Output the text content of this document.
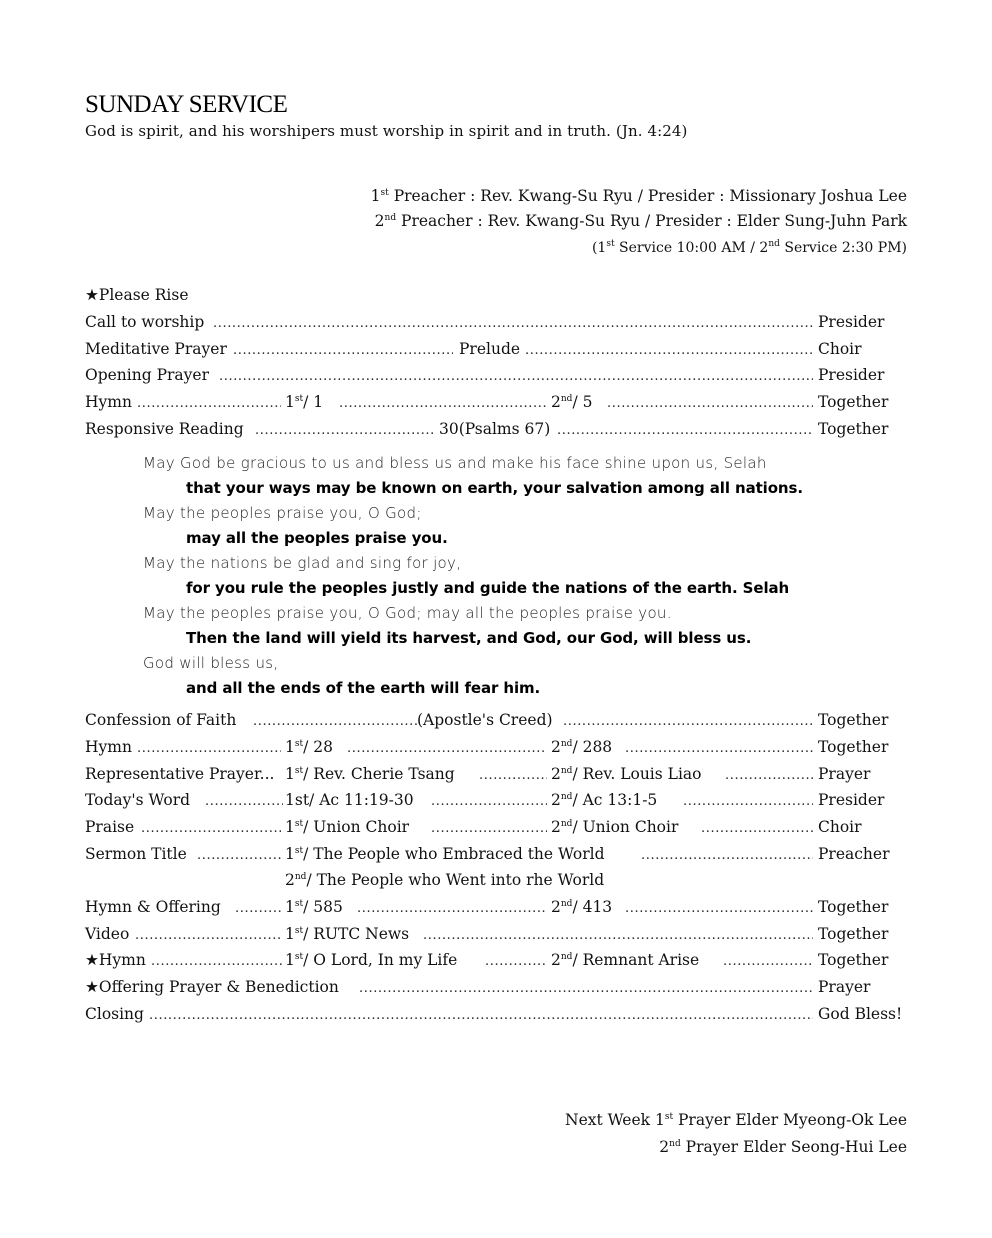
SUNDAY SERVICE
God is spirit, and his worshipers must worship in spirit and in truth. (Jn. 4:24)
1st Preacher : Rev. Kwang-Su Ryu / Presider : Missionary Joshua Lee
2nd Preacher : Rev. Kwang-Su Ryu / Presider : Elder Sung-Juhn Park
(1st Service 10:00 AM / 2nd Service 2:30 PM)
★Please Rise
.....
Call to worship	Presider
.....
.....
Meditative Prayer	Prelude	Choir
.....
Opening Prayer	Presider
.....
.....
.....
Hymn	1st/ 1	2nd/ 5	Together
.....
.....
Responsive Reading	30(Psalms 67)	Together
May God be gracious to us and bless us and make his face shine upon us, Selah
that your ways may be known on earth, your salvation among all nations.
May the peoples praise you, O God;
may all the peoples praise you.
May the nations be glad and sing for joy,
for you rule the peoples justly and guide the nations of the earth. Selah
May the peoples praise you, O God; may all the peoples praise you.
Then the land will yield its harvest, and God, our God, will bless us.
God will bless us,
and all the ends of the earth will fear him.
.....
.....
Confession of Faith	(Apostle's Creed)	Together
.....
.....
.....
Hymn	1st/ 28	2nd/ 288	Together
.....
.....
Representative Prayer... 1st/ Rev. Cherie Tsang	2nd/ Rev. Louis Liao	Prayer
.....
.....
.....
Today's Word	1st/ Ac 11:19-30	2nd/ Ac 13:1-5	Presider
.....
.....
.....
Praise	1st/ Union Choir	2nd/ Union Choir	Choir
.....
.....
Sermon Title	1st/ The People who Embraced the World	Preacher
2nd/ The People who Went into rhe World
.....
.....
.....
Hymn & Offering	1st/ 585	2nd/ 413	Together
.....
.....
Video	1st/ RUTC News	Together
.....
.....
.....
★Hymn	1st/ O Lord, In my Life	2nd/ Remnant Arise	Together
.....
★Offering Prayer & Benediction	Prayer
.....
Closing	God Bless!
Next Week 1st Prayer Elder Myeong-Ok Lee
2nd Prayer Elder Seong-Hui Lee
